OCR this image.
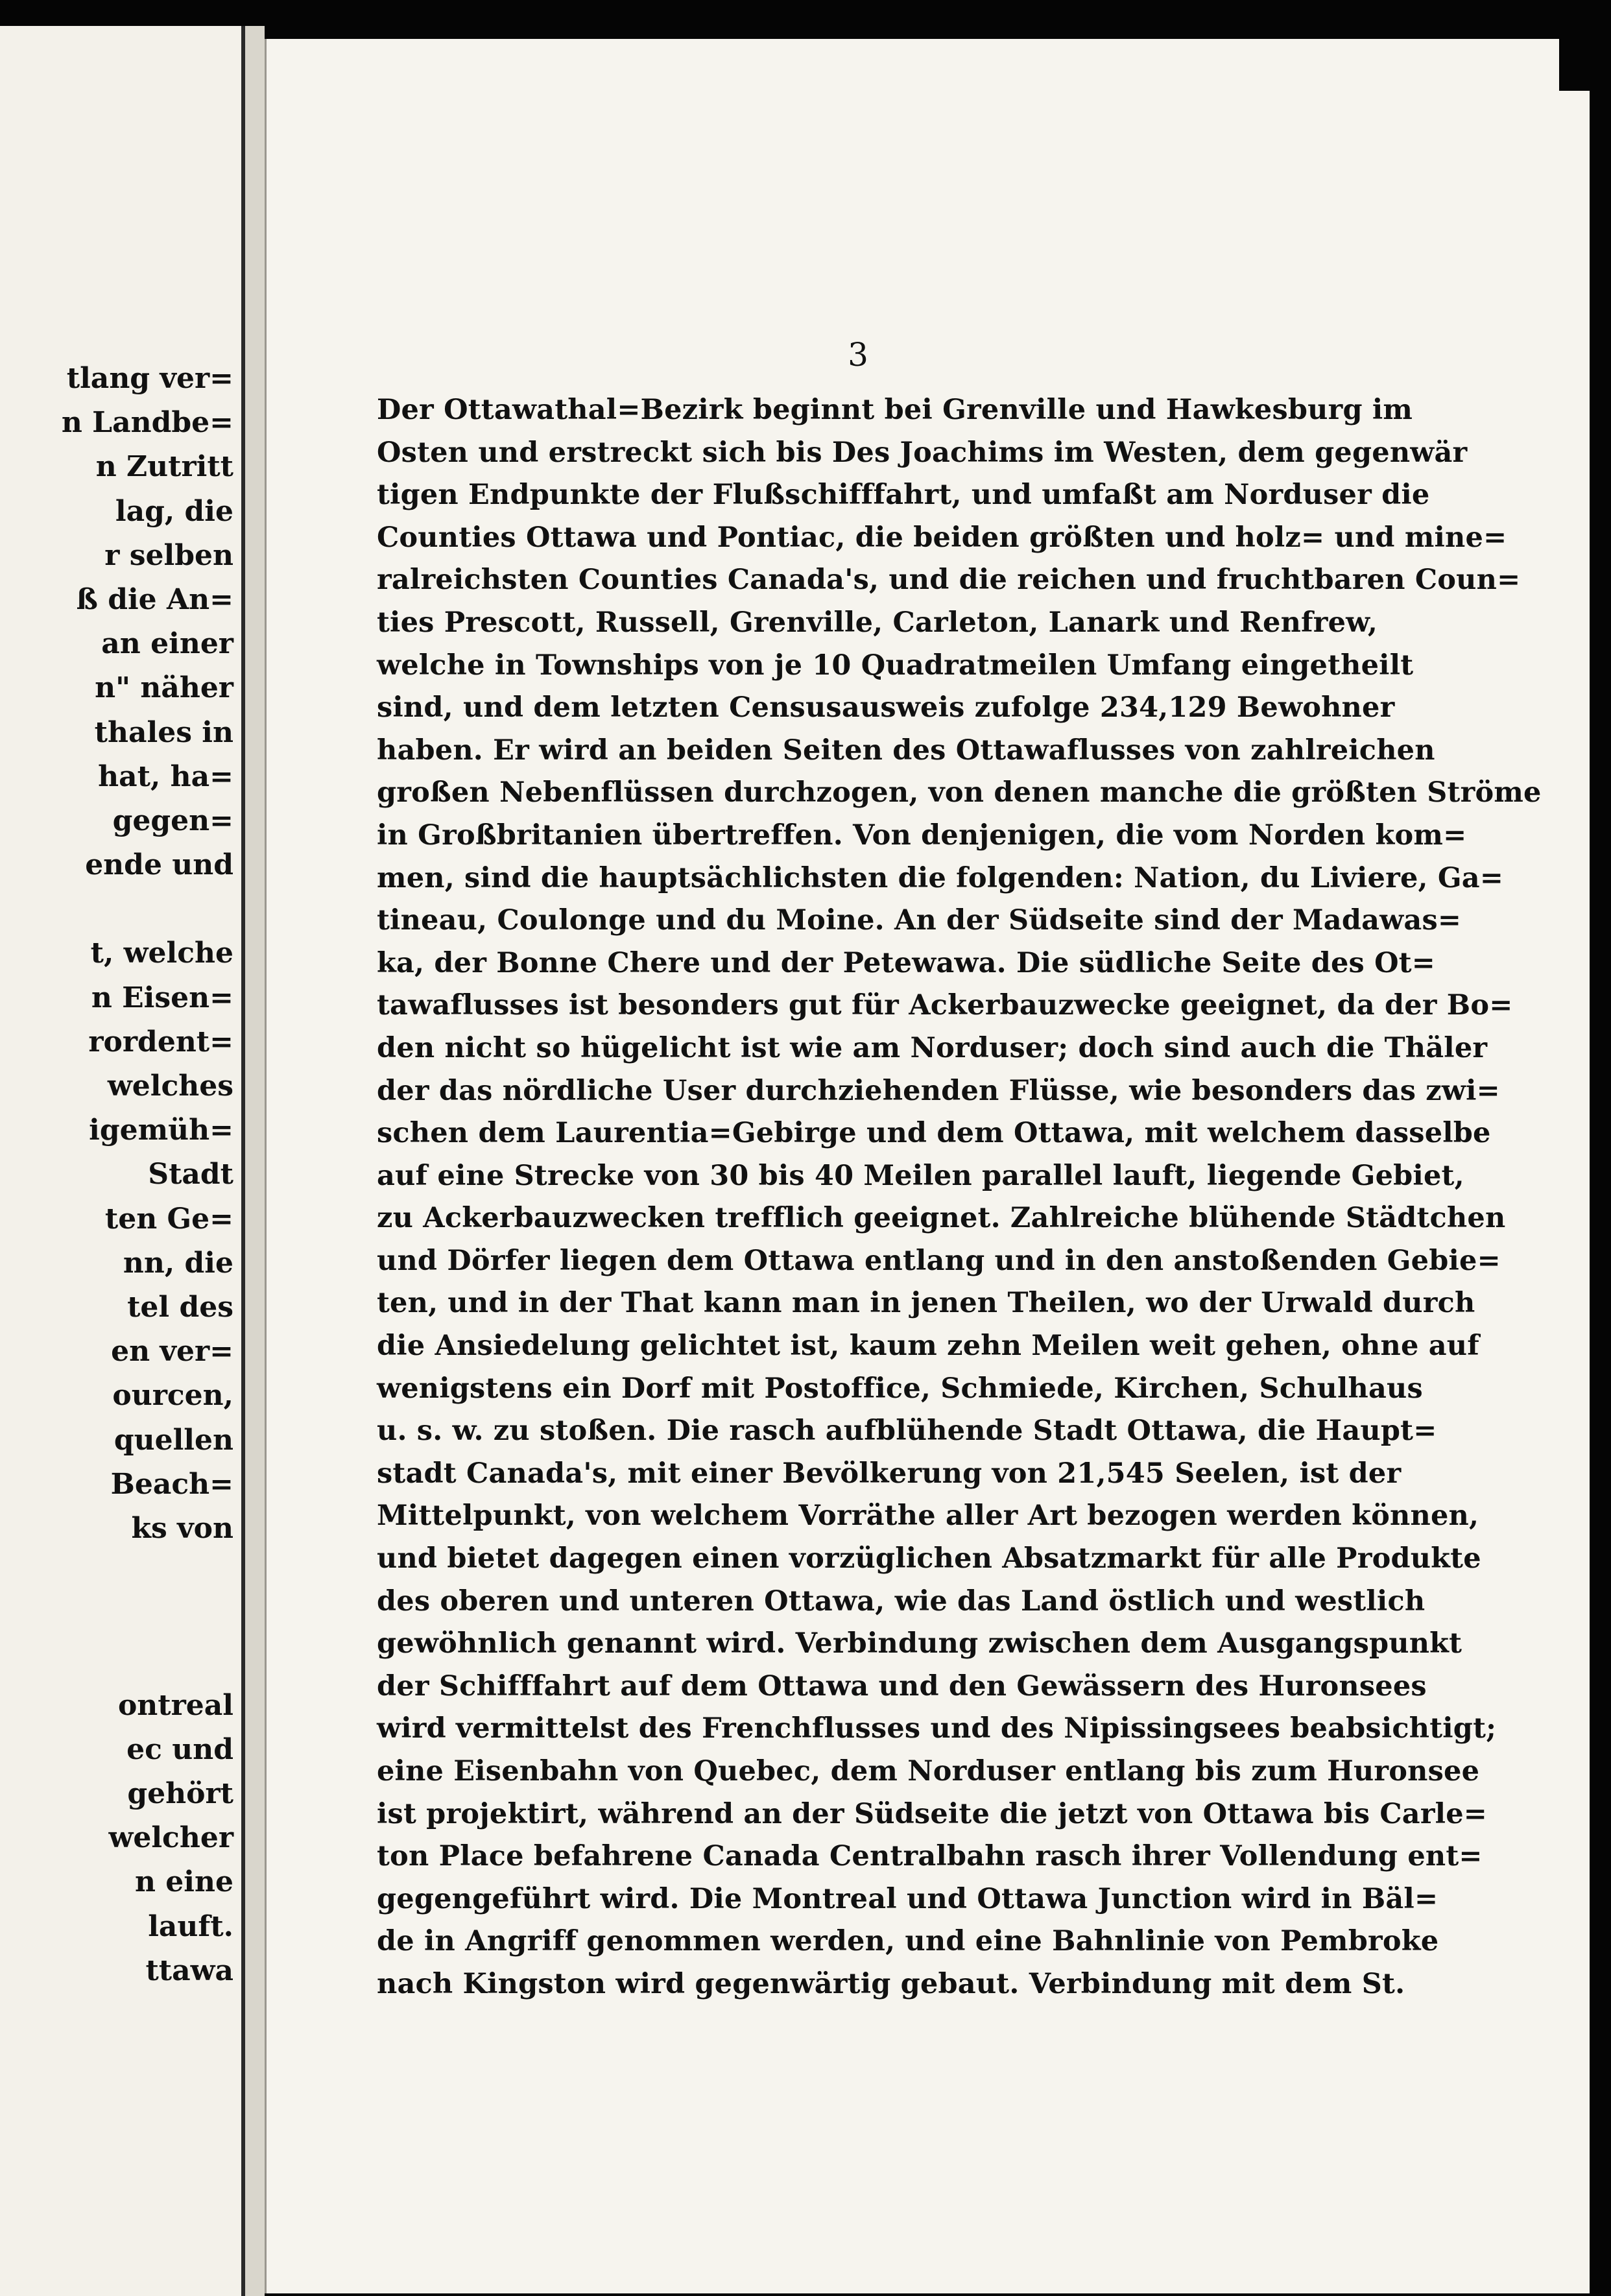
tlang ver=
n Landbe=
n Zutritt
lag, die
r selben
ß die An=
an einer
n" näher
thales in
hat, ha=
gegen=
ende und
t, welche
n Eisen=
rordent=
welches
igemüh=
Stadt
ten Ge=
nn, die
tel des
en ver=
ourcen,
quellen
Beach=
ks von
ontreal
ec und
gehört
welcher
n eine
lauft.
ttawa

3

Der Ottawathal=Bezirk beginnt bei Grenville und Hawkesburg im
Osten und erstreckt sich bis Des Joachims im Westen, dem gegenwär
tigen Endpunkte der Flußschifffahrt, und umfaßt am Norduser die
Counties Ottawa und Pontiac, die beiden größten und holz= und mine=
ralreichsten Counties Canada's, und die reichen und fruchtbaren Coun=
ties Prescott, Russell, Grenville, Carleton, Lanark und Renfrew,
welche in Townships von je 10 Quadratmeilen Umfang eingetheilt
sind, und dem letzten Censusausweis zufolge 234,129 Bewohner
haben. Er wird an beiden Seiten des Ottawaflusses von zahlreichen
großen Nebenflüssen durchzogen, von denen manche die größten Ströme
in Großbritanien übertreffen. Von denjenigen, die vom Norden kom=
men, sind die hauptsächlichsten die folgenden: Nation, du Liviere, Ga=
tineau, Coulonge und du Moine. An der Südseite sind der Madawas=
ka, der Bonne Chere und der Petewawa. Die südliche Seite des Ot=
tawaflusses ist besonders gut für Ackerbauzwecke geeignet, da der Bo=
den nicht so hügelicht ist wie am Norduser; doch sind auch die Thäler
der das nördliche User durchziehenden Flüsse, wie besonders das zwi=
schen dem Laurentia=Gebirge und dem Ottawa, mit welchem dasselbe
auf eine Strecke von 30 bis 40 Meilen parallel lauft, liegende Gebiet,
zu Ackerbauzwecken trefflich geeignet. Zahlreiche blühende Städtchen
und Dörfer liegen dem Ottawa entlang und in den anstoßenden Gebie=
ten, und in der That kann man in jenen Theilen, wo der Urwald durch
die Ansiedelung gelichtet ist, kaum zehn Meilen weit gehen, ohne auf
wenigstens ein Dorf mit Postoffice, Schmiede, Kirchen, Schulhaus
u. s. w. zu stoßen. Die rasch aufblühende Stadt Ottawa, die Haupt=
stadt Canada's, mit einer Bevölkerung von 21,545 Seelen, ist der
Mittelpunkt, von welchem Vorräthe aller Art bezogen werden können,
und bietet dagegen einen vorzüglichen Absatzmarkt für alle Produkte
des oberen und unteren Ottawa, wie das Land östlich und westlich
gewöhnlich genannt wird. Verbindung zwischen dem Ausgangspunkt
der Schifffahrt auf dem Ottawa und den Gewässern des Huronsees
wird vermittelst des Frenchflusses und des Nipissingsees beabsichtigt;
eine Eisenbahn von Quebec, dem Norduser entlang bis zum Huronsee
ist projektirt, während an der Südseite die jetzt von Ottawa bis Carle=
ton Place befahrene Canada Centralbahn rasch ihrer Vollendung ent=
gegengeführt wird. Die Montreal und Ottawa Junction wird in Bäl=
de in Angriff genommen werden, und eine Bahnlinie von Pembroke
nach Kingston wird gegenwärtig gebaut. Verbindung mit dem St.
